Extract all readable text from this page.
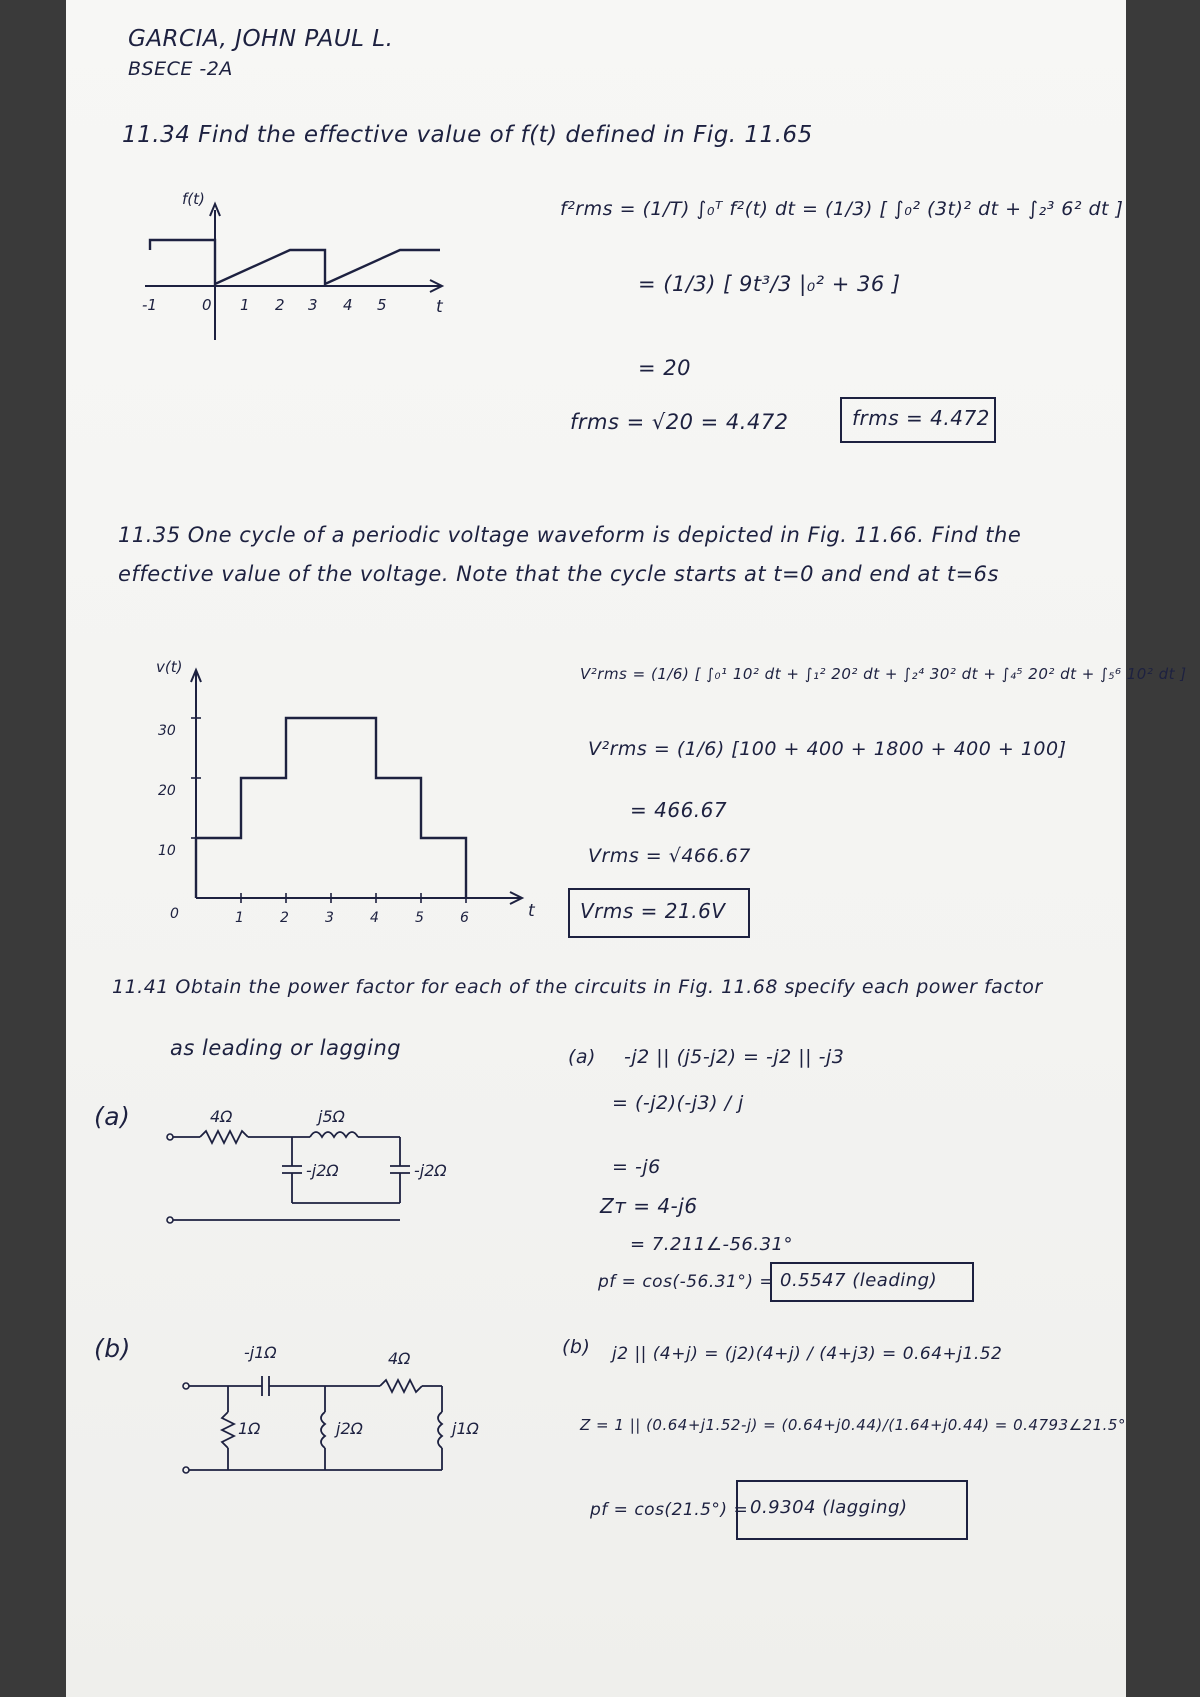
GARCIA, JOHN PAUL L.
BSECE -2A
11.34 Find the effective value of f(t) defined in Fig. 11.65
f(t)
t
-1	0 1 2 3 4 5
f²rms = (1/T) ∫₀ᵀ f²(t) dt = (1/3) [ ∫₀² (3t)² dt + ∫₂³ 6² dt ]
= (1/3) [ 9t³/3 |₀² + 36 ]
= 20
frms = √20 = 4.472	frms = 4.472
11.35 One cycle of a periodic voltage waveform is depicted in Fig. 11.66. Find the
effective value of the voltage. Note that the cycle starts at t=0 and end at t=6s
v(t)
t
30
20
10
0	1	2	3	4	5	6
V²rms = (1/6) [ ∫₀¹ 10² dt + ∫₁² 20² dt + ∫₂⁴ 30² dt + ∫₄⁵ 20² dt + ∫₅⁶ 10² dt ]
V²rms = (1/6) [100 + 400 + 1800 + 400 + 100]
= 466.67
Vrms = √466.67
Vrms = 21.6V
11.41 Obtain the power factor for each of the circuits in Fig. 11.68 specify each power factor
as leading or lagging
(a)	4Ω	j5Ω
-j2Ω	-j2Ω
(a) -j2 || (j5-j2) = -j2 || -j3
= (-j2)(-j3) / j
= -j6
Zт = 4-j6
= 7.211∠-56.31°
pf = cos(-56.31°) = 0.5547 (leading)
(b)	-j1Ω	4Ω
1Ω	j2Ω	j1Ω
(b) j2 || (4+j) = (j2)(4+j) / (4+j3) = 0.64+j1.52
Z = 1 || (0.64+j1.52-j) = (0.64+j0.44)/(1.64+j0.44) = 0.4793∠21.5°
pf = cos(21.5°) = 0.9304 (lagging)
